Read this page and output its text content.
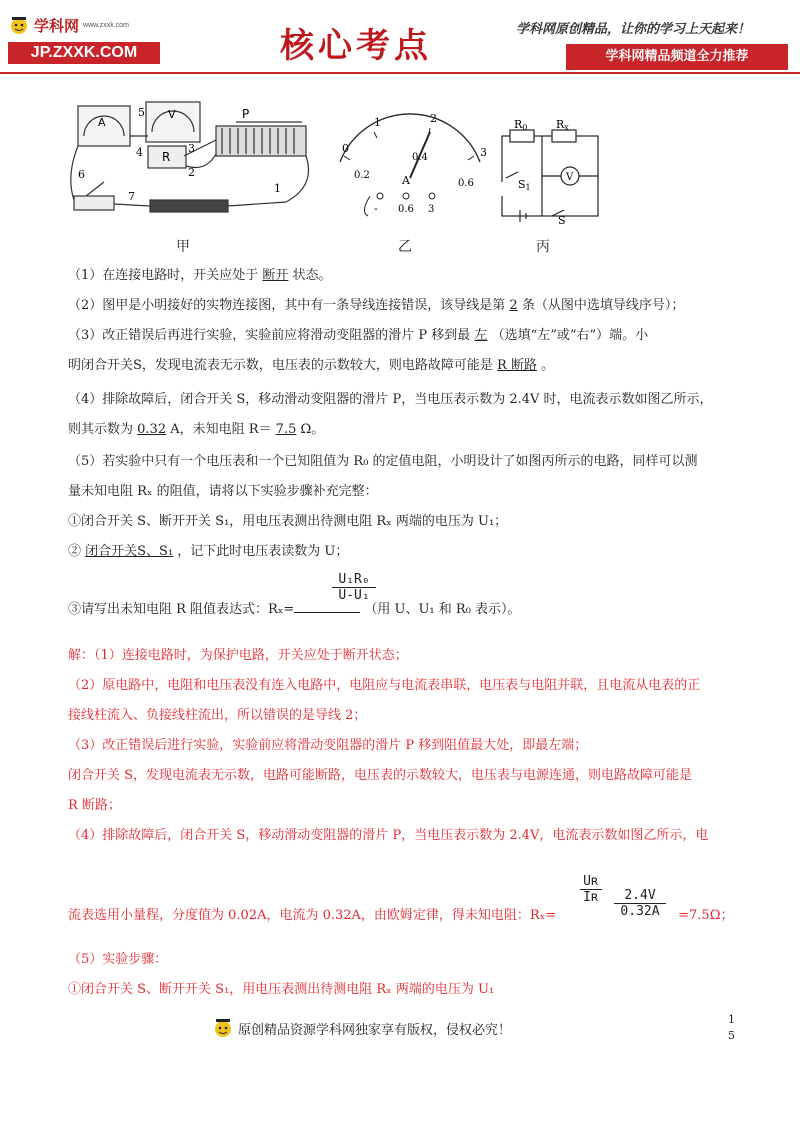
学科网 www.zxxk.com
JP.ZXXK.COM	核心考点	学科网原创精品，让你的学习上天起来！
学科网精品频道全力推荐
A
V
R
P
1
2
3
4
5
6
7
甲
0
1	2
3
0.2
0.4
0.6
A
- 0.6 3
乙
R0	Rx
S1
S
V
丙
（1）在连接电路时，开关应处于 断开 状态。
（2）图甲是小明接好的实物连接图，其中有一条导线连接错误，该导线是第 2 条（从图中选填导线序号）；
（3）改正错误后再进行实验，实验前应将滑动变阻器的滑片 P 移到最 左 （选填“左”或“右”）端。小
明闭合开关S，发现电流表无示数，电压表的示数较大，则电路故障可能是 R 断路 。
（4）排除故障后，闭合开关 S，移动滑动变阻器的滑片 P，当电压表示数为 2.4V 时，电流表示数如图乙所示，
则其示数为 0.32 A，未知电阻 R＝ 7.5 Ω。
（5）若实验中只有一个电压表和一个已知阻值为 R₀ 的定值电阻，小明设计了如图丙所示的电路，同样可以测
量未知电阻 Rₓ 的阻值，请将以下实验步骤补充完整：
①闭合开关 S、断开开关 S₁，用电压表测出待测电阻 Rₓ 两端的电压为 U₁；
② 闭合开关S、S₁ ，记下此时电压表读数为 U；
U₁R₀
U-U₁
③请写出未知电阻 R 阻值表达式：Rₓ=	（用 U、U₁ 和 R₀ 表示）。
解：（1）连接电路时，为保护电路，开关应处于断开状态；
（2）原电路中，电阻和电压表没有连入电路中，电阻应与电流表串联，电压表与电阻并联，且电流从电表的正
接线柱流入、负接线柱流出，所以错误的是导线 2；
（3）改正错误后进行实验，实验前应将滑动变阻器的滑片 P 移到阻值最大处，即最左端；
闭合开关 S，发现电流表无示数，电路可能断路，电压表的示数较大，电压表与电源连通，则电路故障可能是
R 断路；
（4）排除故障后，闭合开关 S，移动滑动变阻器的滑片 P，当电压表示数为 2.4V，电流表示数如图乙所示，电
Uʀ
Iʀ	2.4V
0.32A
流表选用小量程，分度值为 0.02A，电流为 0.32A，由欧姆定律，得未知电阻：Rₓ=	=7.5Ω；
（5）实验步骤：
①闭合开关 S、断开开关 S₁，用电压表测出待测电阻 Rₓ 两端的电压为 U₁
原创精品资源学科网独家享有版权，侵权必究！
1
5
